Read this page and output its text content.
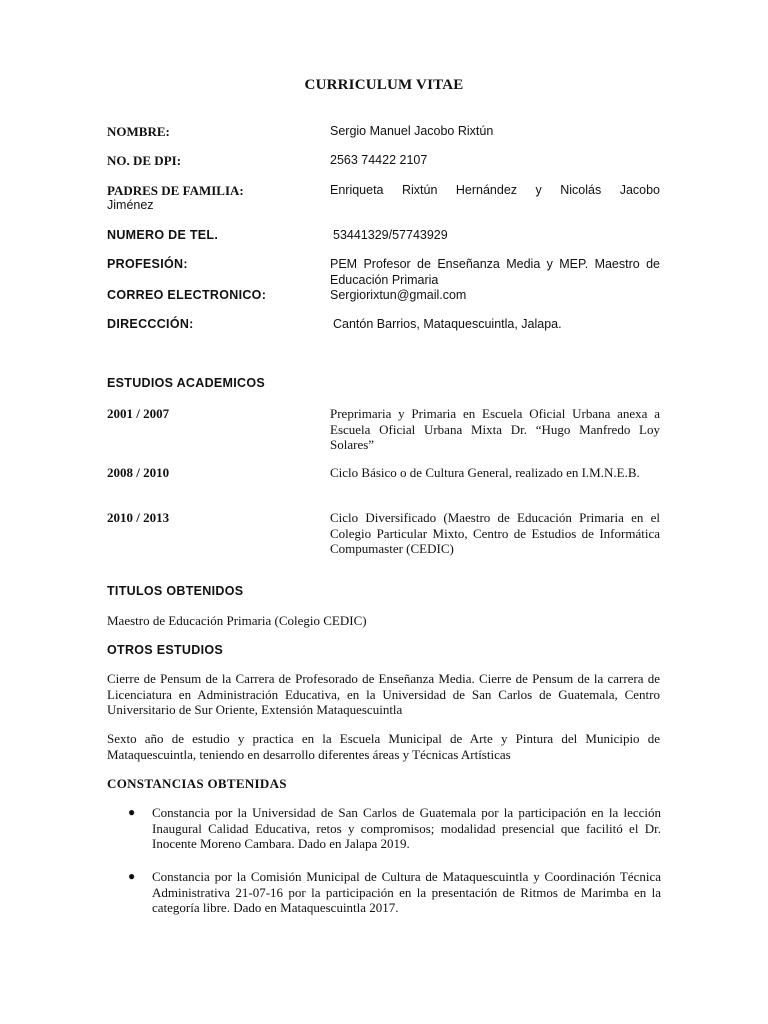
CURRICULUM VITAE
NOMBRE:	Sergio Manuel Jacobo Rixtún
NO. DE DPI:	2563 74422 2107
PADRES DE FAMILIA:	Enriqueta Rixtún Hernández y Nicolás Jacobo
Jiménez
NUMERO DE TEL.	53441329/57743929
PROFESIÓN:	PEM Profesor de Enseñanza Media y MEP. Maestro de Educación Primaria
CORREO ELECTRONICO:	Sergiorixtun@gmail.com
DIRECCCIÓN:	Cantón Barrios, Mataquescuintla, Jalapa.
ESTUDIOS ACADEMICOS
2001 / 2007	Preprimaria y Primaria en Escuela Oficial Urbana anexa a Escuela Oficial Urbana Mixta Dr. “Hugo Manfredo Loy Solares”
2008 / 2010	Ciclo Básico o de Cultura General, realizado en I.M.N.E.B.
2010 / 2013	Ciclo Diversificado (Maestro de Educación Primaria en el Colegio Particular Mixto, Centro de Estudios de Informática Compumaster (CEDIC)
TITULOS OBTENIDOS
Maestro de Educación Primaria (Colegio CEDIC)
OTROS ESTUDIOS
Cierre de Pensum de la Carrera de Profesorado de Enseñanza Media. Cierre de Pensum de la carrera de Licenciatura en Administración Educativa, en la Universidad de San Carlos de Guatemala, Centro Universitario de Sur Oriente, Extensión Mataquescuintla
Sexto año de estudio y practica en la Escuela Municipal de Arte y Pintura del Municipio de Mataquescuintla, teniendo en desarrollo diferentes áreas y Técnicas Artísticas
CONSTANCIAS OBTENIDAS
● Constancia por la Universidad de San Carlos de Guatemala por la participación en la lección Inaugural Calidad Educativa, retos y compromisos; modalidad presencial que facilitó el Dr. Inocente Moreno Cambara. Dado en Jalapa 2019.
● Constancia por la Comisión Municipal de Cultura de Mataquescuintla y Coordinación Técnica Administrativa 21-07-16 por la participación en la presentación de Ritmos de Marimba en la categoría libre. Dado en Mataquescuintla 2017.
